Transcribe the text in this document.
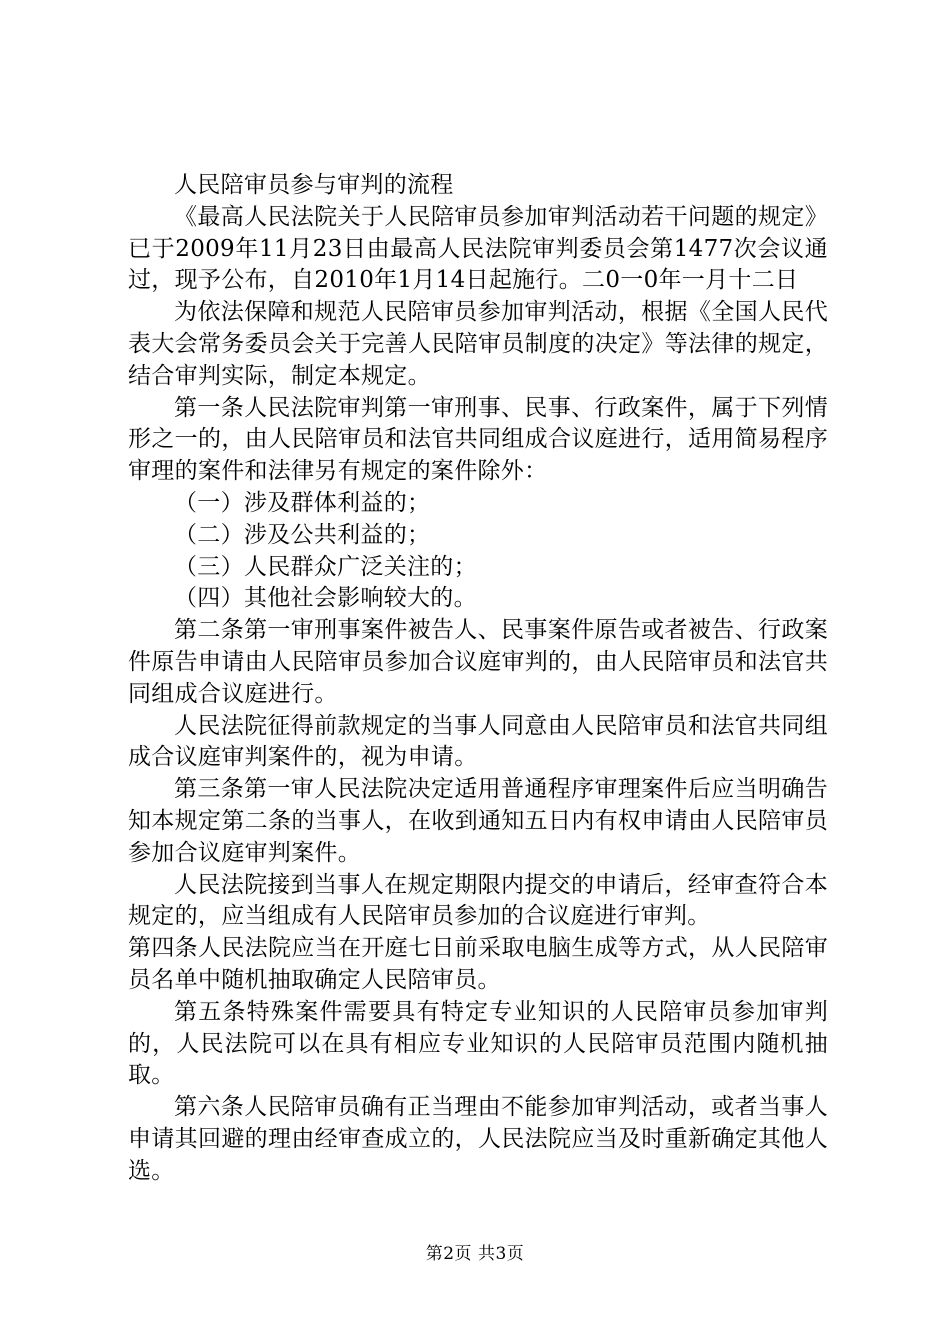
人民陪审员参与审判的流程

《最高人民法院关于人民陪审员参加审判活动若干问题的规定》已于2009年11月23日由最高人民法院审判委员会第1477次会议通过，现予公布，自2010年1月14日起施行。二0一0年一月十二日

为依法保障和规范人民陪审员参加审判活动，根据《全国人民代表大会常务委员会关于完善人民陪审员制度的决定》等法律的规定，结合审判实际，制定本规定。

第一条人民法院审判第一审刑事、民事、行政案件，属于下列情形之一的，由人民陪审员和法官共同组成合议庭进行，适用简易程序审理的案件和法律另有规定的案件除外：

（一）涉及群体利益的；

（二）涉及公共利益的；

（三）人民群众广泛关注的；

（四）其他社会影响较大的。

第二条第一审刑事案件被告人、民事案件原告或者被告、行政案件原告申请由人民陪审员参加合议庭审判的，由人民陪审员和法官共同组成合议庭进行。

人民法院征得前款规定的当事人同意由人民陪审员和法官共同组成合议庭审判案件的，视为申请。

第三条第一审人民法院决定适用普通程序审理案件后应当明确告知本规定第二条的当事人，在收到通知五日内有权申请由人民陪审员参加合议庭审判案件。

人民法院接到当事人在规定期限内提交的申请后，经审查符合本规定的，应当组成有人民陪审员参加的合议庭进行审判。

第四条人民法院应当在开庭七日前采取电脑生成等方式，从人民陪审员名单中随机抽取确定人民陪审员。

第五条特殊案件需要具有特定专业知识的人民陪审员参加审判的，人民法院可以在具有相应专业知识的人民陪审员范围内随机抽取。

第六条人民陪审员确有正当理由不能参加审判活动，或者当事人申请其回避的理由经审查成立的，人民法院应当及时重新确定其他人选。

第2页 共3页
